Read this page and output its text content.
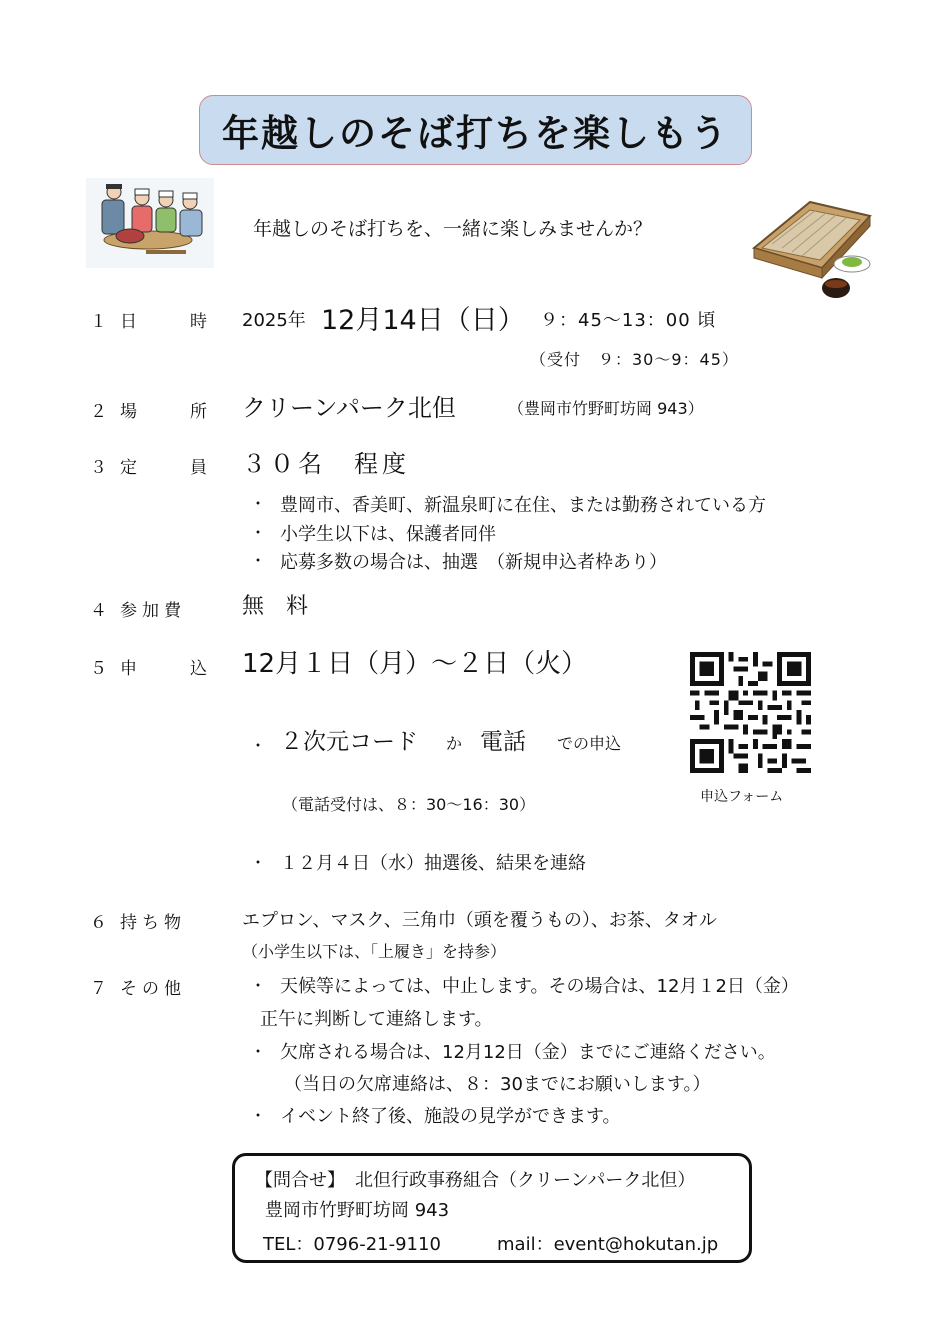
年越しのそば打ちを楽しもう
年越しのそば打ちを、一緒に楽しみませんか？
１ 日　時 2025年 12月14日（日） ９：45～13：00 頃
（受付　９：30～9：45）
２ 場　所 クリーンパーク北但	（豊岡市竹野町坊岡 943）
３ 定　員 ３０名　程度
・ 豊岡市、香美町、新温泉町に在住、または勤務されている方
・ 小学生以下は、保護者同伴
・ 応募多数の場合は、抽選　（新規申込者枠あり）
４ 参加費	無　料
５ 申　込 12月１日（月）～２日（火）
・ ２次元コード か 電話 での申込
（電話受付は、８：30～16：30）
・ １２月４日（水）抽選後、結果を連絡
申込フォーム
６ 持ち物	エプロン、マスク、三角巾（頭を覆うもの）、お茶、タオル
（小学生以下は、「上履き」を持参）
７ その他	・ 天候等によっては、中止します。その場合は、12月１2日（金）
正午に判断して連絡します。
・ 欠席される場合は、12月12日（金）までにご連絡ください。
（当日の欠席連絡は、８：30までにお願いします。）
・ イベント終了後、施設の見学ができます。
【問合せ】 北但行政事務組合（クリーンパーク北但）
豊岡市竹野町坊岡 943
TEL：0796-21-9110	mail：event@hokutan.jp
